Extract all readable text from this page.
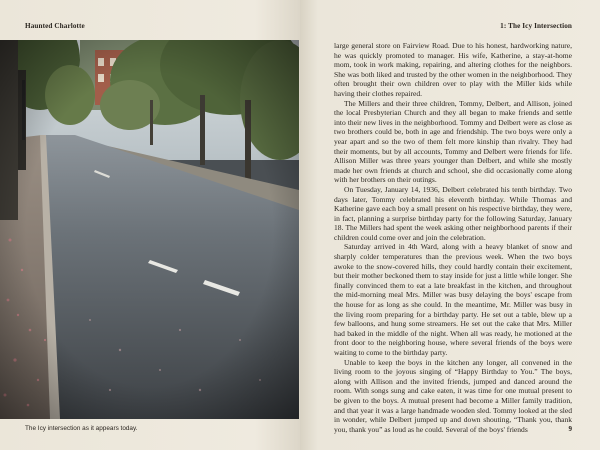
Haunted Charlotte
The Icy intersection as it appears today.
1: The Icy Intersection

large general store on Fairview Road. Due to his honest, hardworking nature, he was quickly promoted to manager. His wife, Katherine, a stay-at-home mom, took in work making, repairing, and altering clothes for the neighbors. She was both liked and trusted by the other women in the neighborhood. They often brought their own children over to play with the Miller kids while having their clothes repaired.

The Millers and their three children, Tommy, Delbert, and Allison, joined the local Presbyterian Church and they all began to make friends and settle into their new lives in the neighborhood. Tommy and Delbert were as close as two brothers could be, both in age and friendship. The two boys were only a year apart and so the two of them felt more kinship than rivalry. They had their moments, but by all accounts, Tommy and Delbert were friends for life. Allison Miller was three years younger than Delbert, and while she mostly made her own friends at church and school, she did occasionally come along with her brothers on their outings.

On Tuesday, January 14, 1936, Delbert celebrated his tenth birthday. Two days later, Tommy celebrated his eleventh birthday. While Thomas and Katherine gave each boy a small present on his respective birthday, they were, in fact, planning a surprise birthday party for the following Saturday, January 18. The Millers had spent the week asking other neighborhood parents if their children could come over and join the celebration.

Saturday arrived in 4th Ward, along with a heavy blanket of snow and sharply colder temperatures than the previous week. When the two boys awoke to the snow-covered hills, they could hardly contain their excitement, but their mother beckoned them to stay inside for just a little while longer. She finally convinced them to eat a late breakfast in the kitchen, and throughout the mid-morning meal Mrs. Miller was busy delaying the boys' escape from the house for as long as she could. In the meantime, Mr. Miller was busy in the living room preparing for a birthday party. He set out a table, blew up a few balloons, and hung some streamers. He set out the cake that Mrs. Miller had baked in the middle of the night. When all was ready, he motioned at the front door to the neighboring house, where several friends of the boys were waiting to come to the birthday party.

Unable to keep the boys in the kitchen any longer, all convened in the living room to the joyous singing of “Happy Birthday to You.” The boys, along with Allison and the invited friends, jumped and danced around the room. With songs sung and cake eaten, it was time for one mutual present to be given to the boys. A mutual present had become a Miller family tradition, and that year it was a large handmade wooden sled. Tommy looked at the sled in wonder, while Delbert jumped up and down shouting, “Thank you, thank you, thank you” as loud as he could. Several of the boys' friends	9
